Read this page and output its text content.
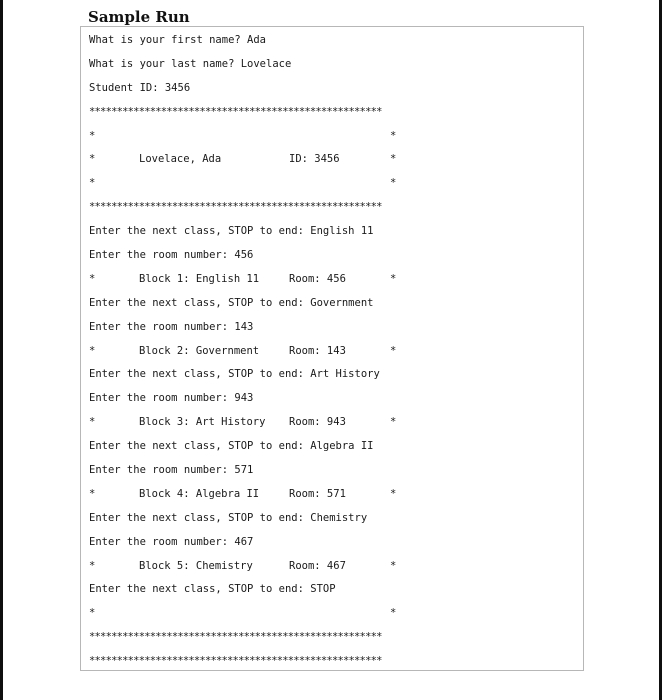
Sample Run
What is your first name? Ada
What is your last name? Lovelace
Student ID: 3456
*****************************************************

*

	*

*

	Lovelace, Ada

	ID: 3456

	*

*

	*

*****************************************************
Enter the next class, STOP to end: English 11
Enter the room number: 456

*

	Block 1: English 11

	Room: 456

	*

Enter the next class, STOP to end: Government
Enter the room number: 143

*

	Block 2: Government

	Room: 143

	*

Enter the next class, STOP to end: Art History
Enter the room number: 943

*

	Block 3: Art History

Room: 943

	*

Enter the next class, STOP to end: Algebra II
Enter the room number: 571

*

	Block 4: Algebra II

	Room: 571

	*

Enter the next class, STOP to end: Chemistry
Enter the room number: 467

*

	Block 5: Chemistry

	Room: 467

	*

Enter the next class, STOP to end: STOP

*

	*

*****************************************************
*****************************************************
